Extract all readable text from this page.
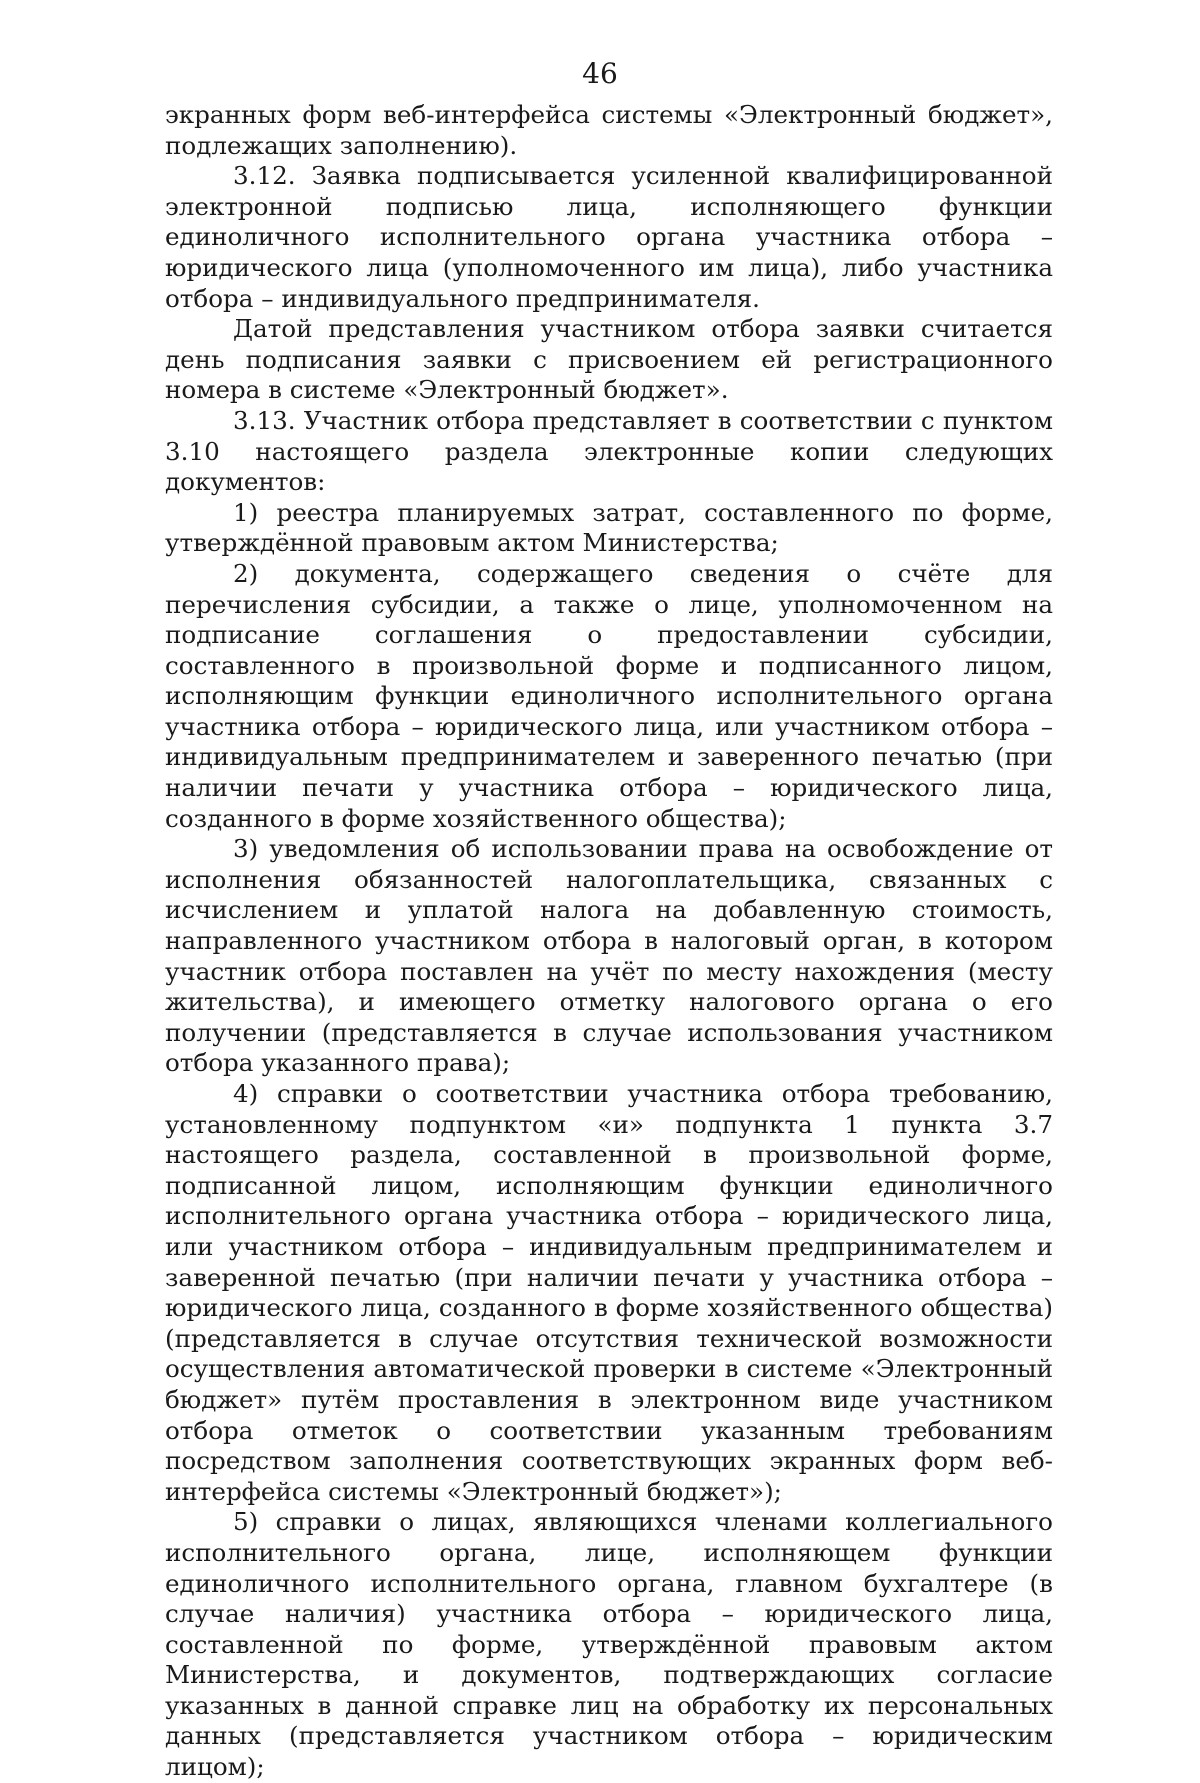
46

экранных форм веб-интерфейса системы «Электронный бюджет», подлежащих заполнению).

3.12. Заявка подписывается усиленной квалифицированной электронной подписью лица, исполняющего функции единоличного исполнительного органа участника отбора – юридического лица (уполномоченного им лица), либо участника отбора – индивидуального предпринимателя.

Датой представления участником отбора заявки считается день подписания заявки с присвоением ей регистрационного номера в системе «Электронный бюджет».

3.13. Участник отбора представляет в соответствии с пунктом 3.10 настоящего раздела электронные копии следующих документов:

1) реестра планируемых затрат, составленного по форме, утверждённой правовым актом Министерства;

2) документа, содержащего сведения о счёте для перечисления субсидии, а также о лице, уполномоченном на подписание соглашения о предоставлении субсидии, составленного в произвольной форме и подписанного лицом, исполняющим функции единоличного исполнительного органа участника отбора – юридического лица, или участником отбора – индивидуальным предпринимателем и заверенного печатью (при наличии печати у участника отбора – юридического лица, созданного в форме хозяйственного общества);

3) уведомления об использовании права на освобождение от исполнения обязанностей налогоплательщика, связанных с исчислением и уплатой налога на добавленную стоимость, направленного участником отбора в налоговый орган, в котором участник отбора поставлен на учёт по месту нахождения (месту жительства), и имеющего отметку налогового органа о его получении (представляется в случае использования участником отбора указанного права);

4) справки о соответствии участника отбора требованию, установленному подпунктом «и» подпункта 1 пункта 3.7 настоящего раздела, составленной в произвольной форме, подписанной лицом, исполняющим функции единоличного исполнительного органа участника отбора – юридического лица, или участником отбора – индивидуальным предпринимателем и заверенной печатью (при наличии печати у участника отбора – юридического лица, созданного в форме хозяйственного общества) (представляется в случае отсутствия технической возможности осуществления автоматической проверки в системе «Электронный бюджет» путём проставления в электронном виде участником отбора отметок о соответствии указанным требованиям посредством заполнения соответствующих экранных форм веб-интерфейса системы «Электронный бюджет»);

5) справки о лицах, являющихся членами коллегиального исполнительного органа, лице, исполняющем функции единоличного исполнительного органа, главном бухгалтере (в случае наличия) участника отбора – юридического лица, составленной по форме, утверждённой правовым актом Министерства, и документов, подтверждающих согласие указанных в данной справке лиц на обработку их персональных данных (представляется участником отбора – юридическим лицом);
